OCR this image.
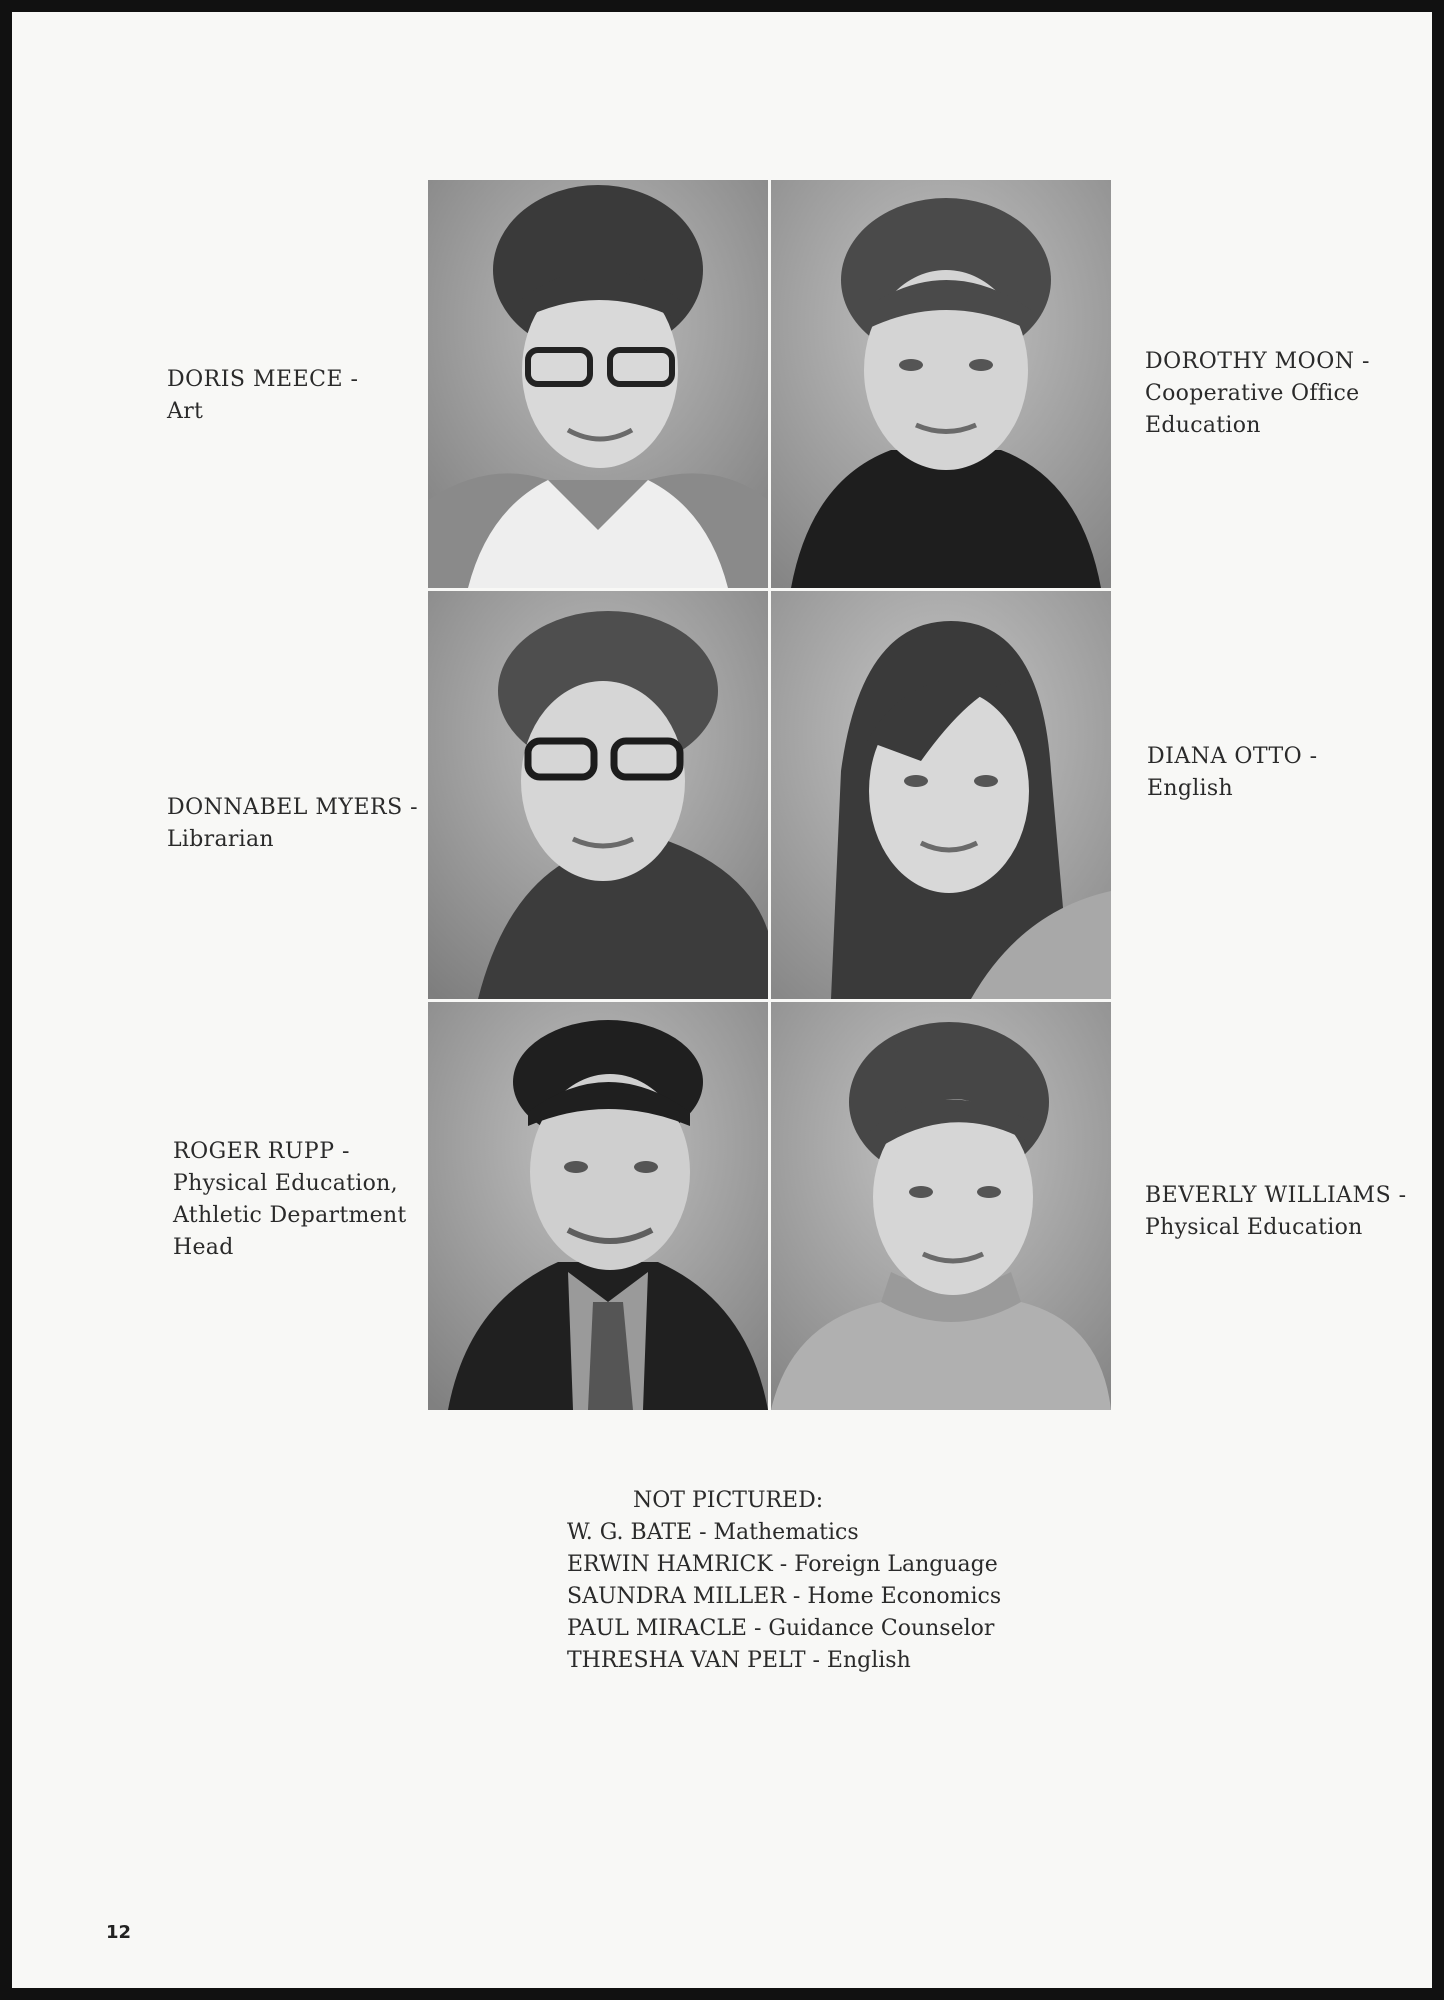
DORIS MEECE -
Art
DOROTHY MOON -
Cooperative Office
Education
DONNABEL MYERS -
Librarian
DIANA OTTO -
English
ROGER RUPP -
Physical Education,
Athletic Department
Head
BEVERLY WILLIAMS -
Physical Education
NOT PICTURED:
W. G. BATE - Mathematics
ERWIN HAMRICK - Foreign Language
SAUNDRA MILLER - Home Economics
PAUL MIRACLE - Guidance Counselor
THRESHA VAN PELT - English
12
